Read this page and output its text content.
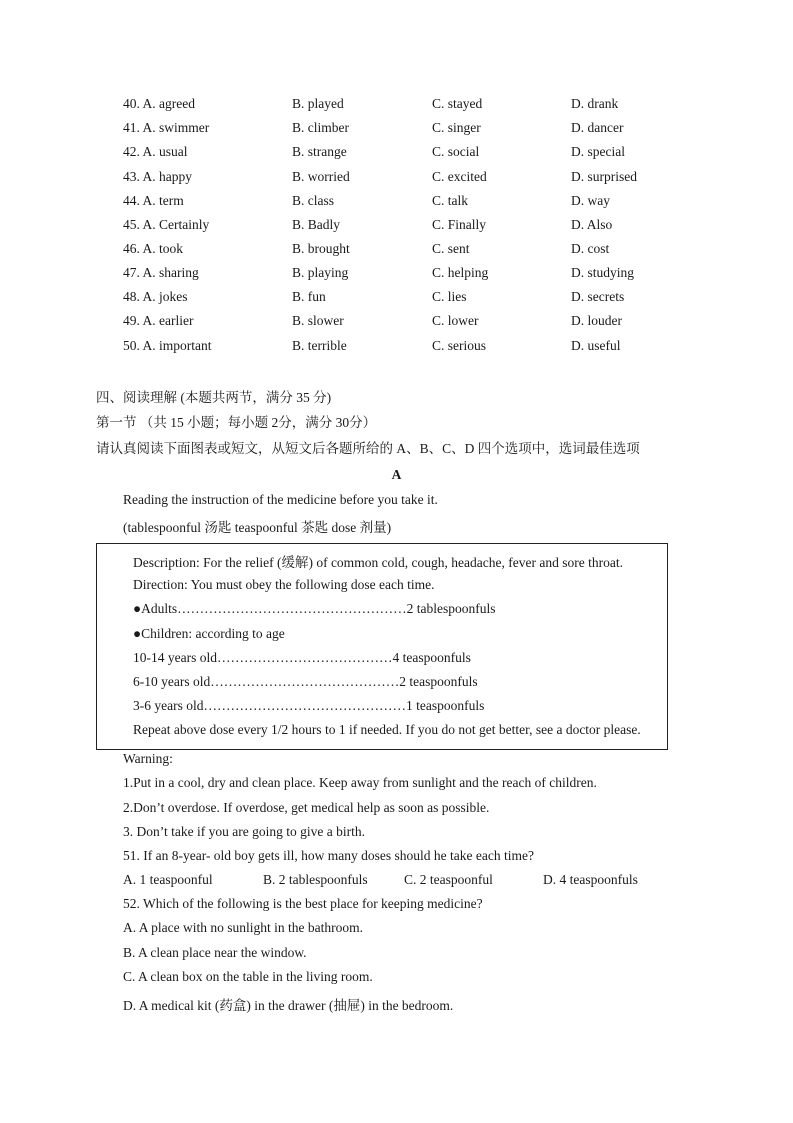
40. A. agreed	B. played	C. stayed	D. drank
41. A. swimmer	B. climber	C. singer	D. dancer
42. A. usual	B. strange	C. social	D. special
43. A. happy	B. worried	C. excited	D. surprised
44. A. term	B. class	C. talk	D. way
45. A. Certainly	B. Badly	C. Finally	D. Also
46. A. took	B. brought	C. sent	D. cost
47. A. sharing	B. playing	C. helping	D. studying
48. A. jokes	B. fun	C. lies	D. secrets
49. A. earlier	B. slower	C. lower	D. louder
50. A. important	B. terrible	C. serious	D. useful
四、阅读理解 (本题共两节，满分 35 分)
第一节 （共 15 小题；每小题 2分，满分 30分）
请认真阅读下面图表或短文，从短文后各题所给的 A、B、C、D 四个选项中，选词最佳选项
A
Reading the instruction of the medicine before you take it.
(tablespoonful 汤匙 teaspoonful 茶匙 dose 剂量)
Description: For the relief (缓解) of common cold, cough, headache, fever and sore throat.
Direction: You must obey the following dose each time.
●Adults……………………………………………2 tablespoonfuls
●Children: according to age
10-14 years old…………………………………4 teaspoonfuls
6-10 years old……………………………………2 teaspoonfuls
3-6 years old………………………………………1 teaspoonfuls
Repeat above dose every 1/2 hours to 1 if needed. If you do not get better, see a doctor please.
Warning:
1.Put in a cool, dry and clean place. Keep away from sunlight and the reach of children.
2.Don’t overdose. If overdose, get medical help as soon as possible.
3. Don’t take if you are going to give a birth.
51. If an 8-year- old boy gets ill, how many doses should he take each time?
A. 1 teaspoonful	B. 2 tablespoonfuls	C. 2 teaspoonful	D. 4 teaspoonfuls
52. Which of the following is the best place for keeping medicine?
A. A place with no sunlight in the bathroom.
B. A clean place near the window.
C. A clean box on the table in the living room.
D. A medical kit (药盒) in the drawer (抽屉) in the bedroom.
